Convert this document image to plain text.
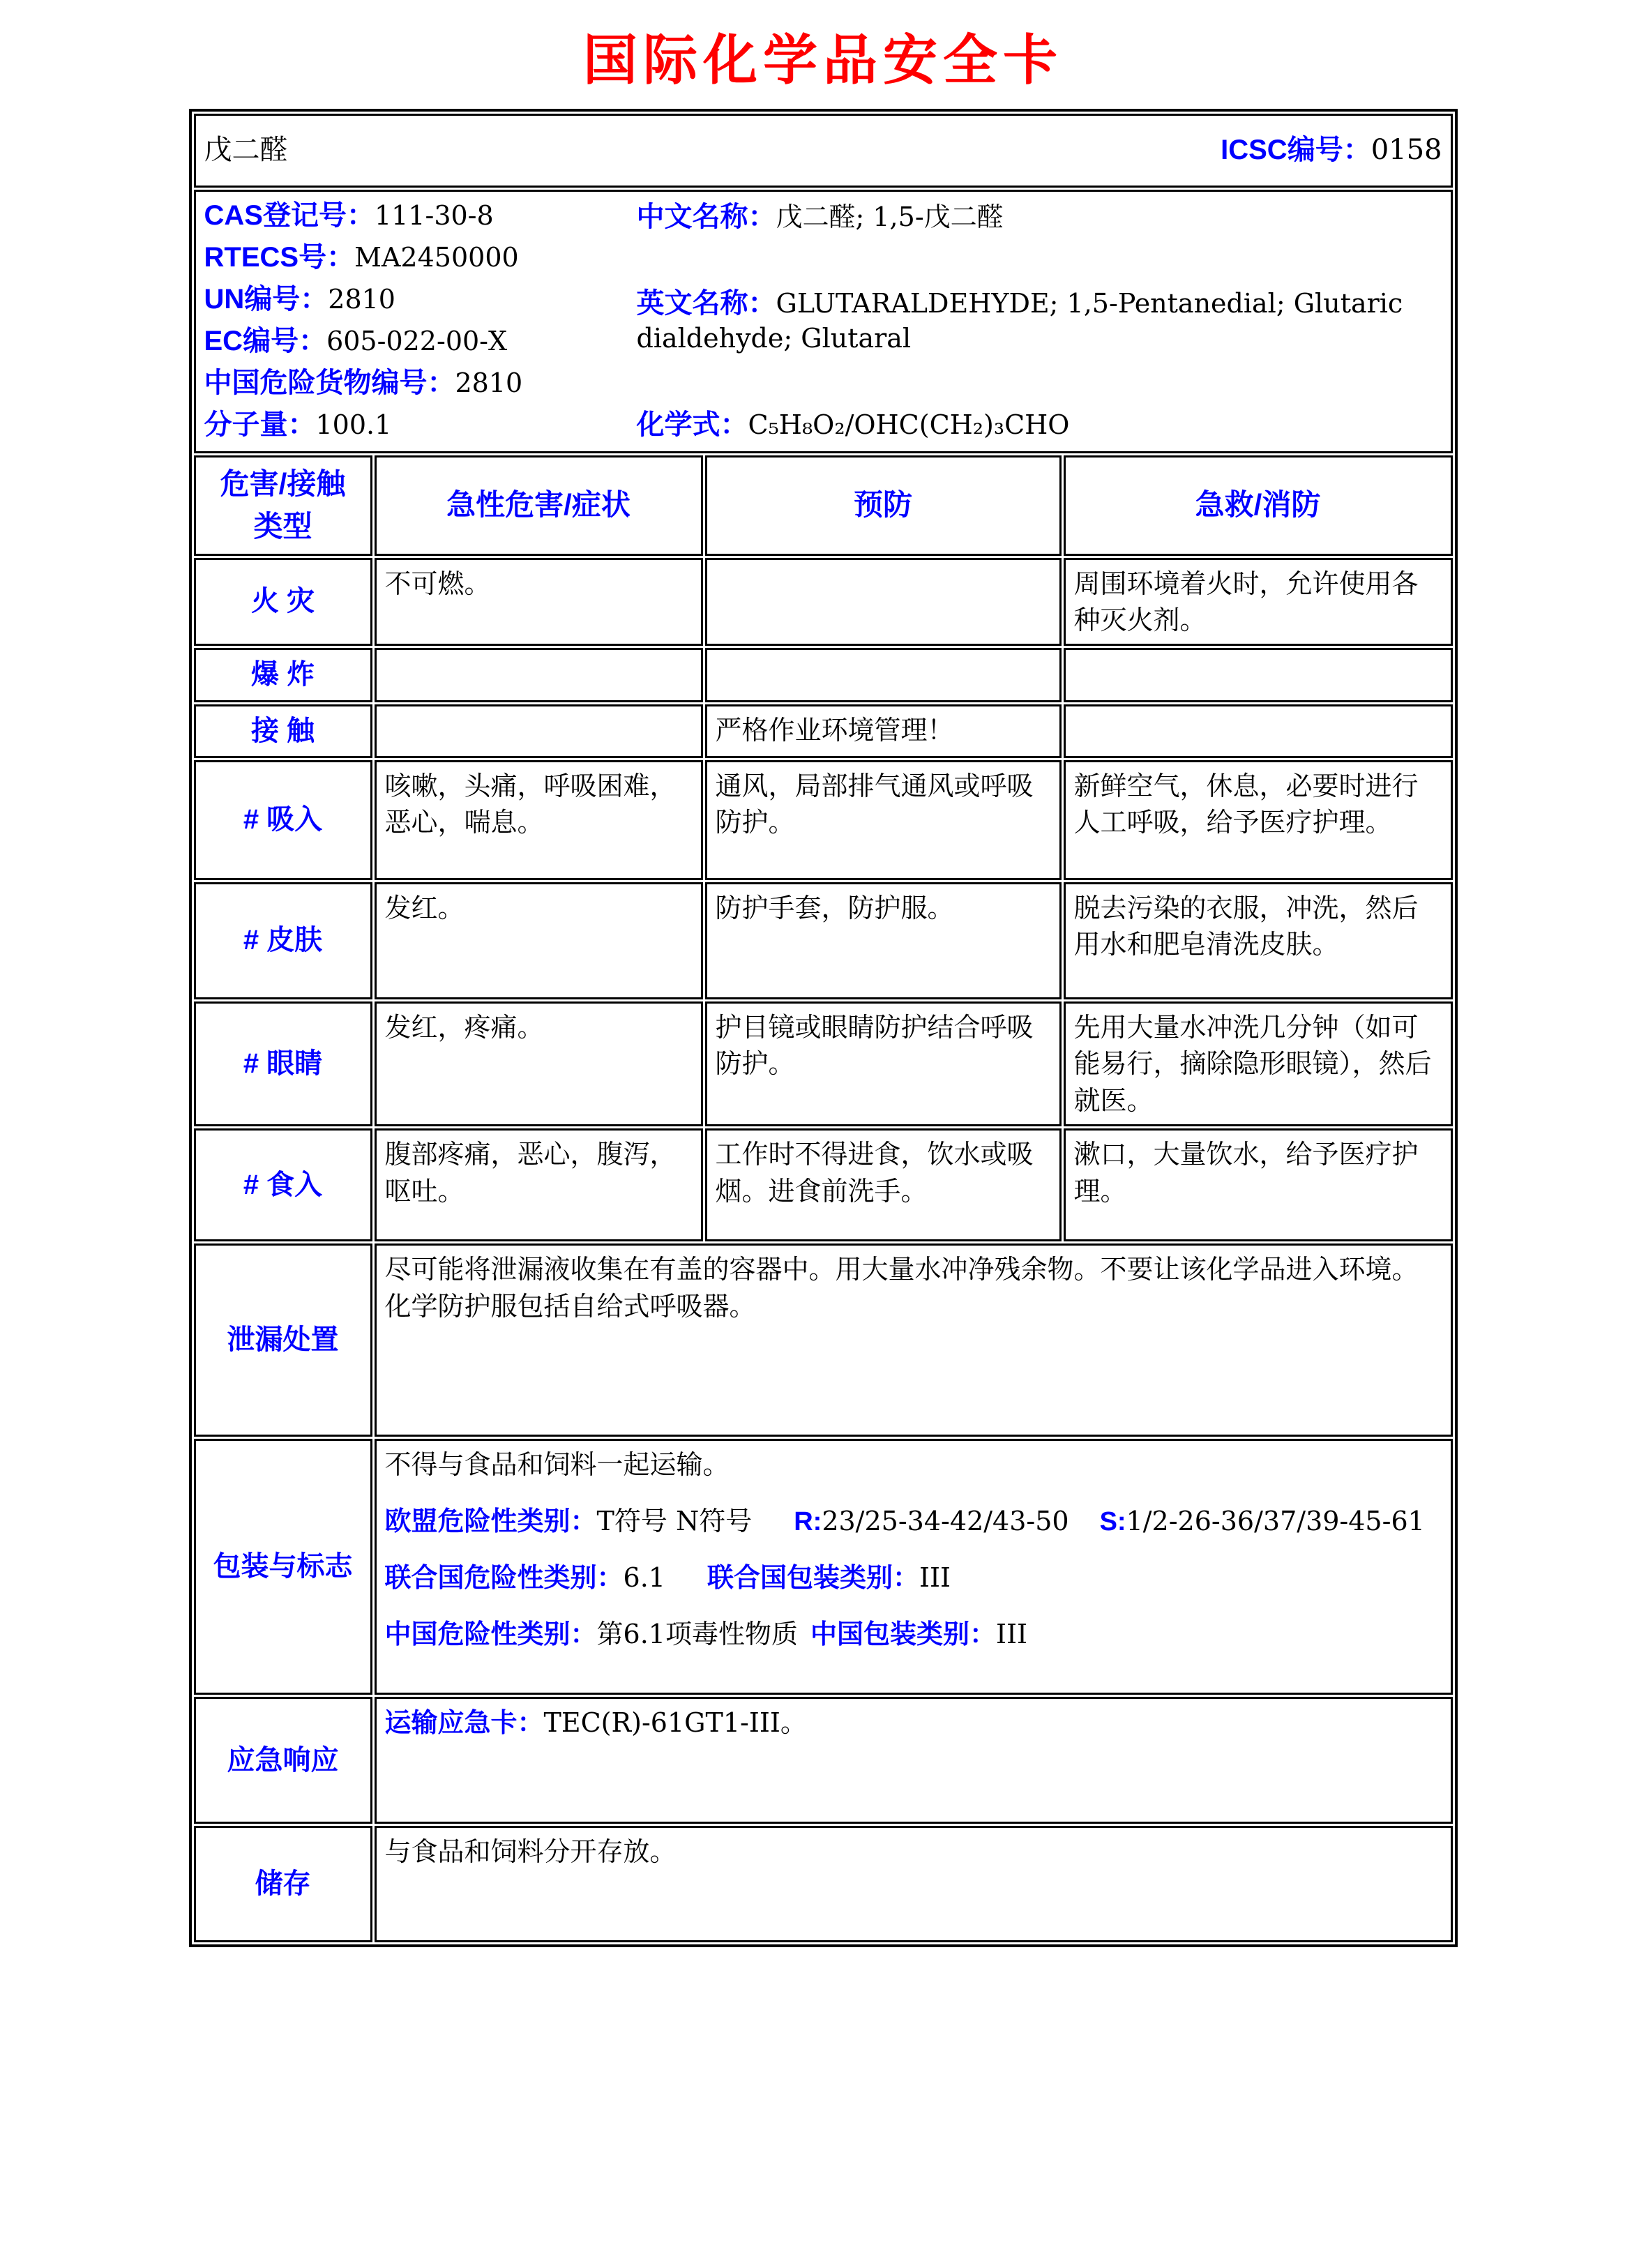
国际化学品安全卡
戊二醛 ICSC编号：0158			

CAS登记号：111-30-8
RTECS号：MA2450000
UN编号：2810
EC编号：605-022-00-X
中国危险货物编号：2810
分子量：100.1
中文名称：戊二醛; 1,5-戊二醛
英文名称：GLUTARALDEHYDE; 1,5-Pentanedial; Glutaric dialdehyde; Glutaral
化学式：C₅H₈O₂/OHC(CH₂)₃CHO

危害/接触
类型	急性危害/症状	预防	急救/消防
火 灾	不可燃。		周围环境着火时，允许使用各种灭火剂。
爆 炸			
接 触		严格作业环境管理！	
# 吸入	咳嗽，头痛，呼吸困难，恶心，喘息。	通风，局部排气通风或呼吸防护。	新鲜空气，休息，必要时进行人工呼吸，给予医疗护理。
# 皮肤	发红。	防护手套，防护服。	脱去污染的衣服，冲洗，然后用水和肥皂清洗皮肤。
# 眼睛	发红，疼痛。	护目镜或眼睛防护结合呼吸防护。	先用大量水冲洗几分钟（如可能易行，摘除隐形眼镜），然后就医。
# 食入	腹部疼痛，恶心，腹泻，呕吐。	工作时不得进食，饮水或吸烟。进食前洗手。	漱口，大量饮水，给予医疗护理。
泄漏处置	尽可能将泄漏液收集在有盖的容器中。用大量水冲净残余物。不要让该化学品进入环境。化学防护服包括自给式呼吸器。		
包装与标志	不得与食品和饲料一起运输。

欧盟危险性类别：T符号 N符号 R:23/25-34-42/43-50 S:1/2-26-36/37/39-45-61

联合国危险性类别：6.1 联合国包装类别：III

中国危险性类别：第6.1项毒性物质 中国包装类别：III		

应急响应	运输应急卡：TEC(R)-61GT1-III。		

储存	与食品和饲料分开存放。		
